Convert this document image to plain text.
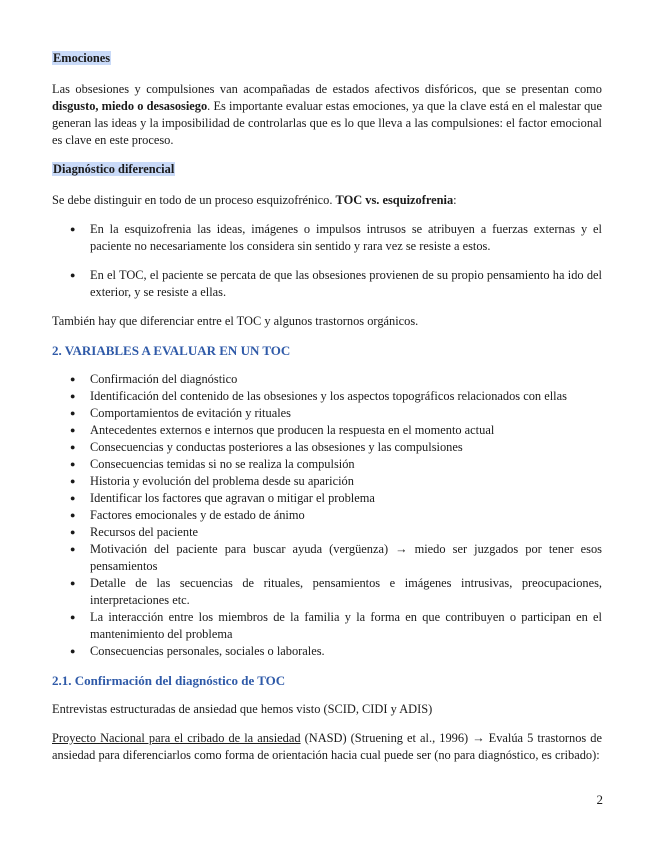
Emociones

Las obsesiones y compulsiones van acompañadas de estados afectivos disfóricos, que se presentan como disgusto, miedo o desasosiego. Es importante evaluar estas emociones, ya que la clave está en el malestar que generan las ideas y la imposibilidad de controlarlas que es lo que lleva a las compulsiones: el factor emocional es clave en este proceso.

Diagnóstico diferencial

Se debe distinguir en todo de un proceso esquizofrénico. TOC vs. esquizofrenia:

● En la esquizofrenia las ideas, imágenes o impulsos intrusos se atribuyen a fuerzas externas y el paciente no necesariamente los considera sin sentido y rara vez se resiste a estos.
● En el TOC, el paciente se percata de que las obsesiones provienen de su propio pensamiento ha ido del exterior, y se resiste a ellas.

También hay que diferenciar entre el TOC y algunos trastornos orgánicos.

2. VARIABLES A EVALUAR EN UN TOC
● Confirmación del diagnóstico
● Identificación del contenido de las obsesiones y los aspectos topográficos relacionados con ellas
● Comportamientos de evitación y rituales
● Antecedentes externos e internos que producen la respuesta en el momento actual
● Consecuencias y conductas posteriores a las obsesiones y las compulsiones
● Consecuencias temidas si no se realiza la compulsión
● Historia y evolución del problema desde su aparición
● Identificar los factores que agravan o mitigar el problema
● Factores emocionales y de estado de ánimo
● Recursos del paciente
● Motivación del paciente para buscar ayuda (vergüenza) → miedo ser juzgados por tener esos pensamientos
● Detalle de las secuencias de rituales, pensamientos e imágenes intrusivas, preocupaciones, interpretaciones etc.
● La interacción entre los miembros de la familia y la forma en que contribuyen o participan en el mantenimiento del problema
● Consecuencias personales, sociales o laborales.
2.1. Confirmación del diagnóstico de TOC

Entrevistas estructuradas de ansiedad que hemos visto (SCID, CIDI y ADIS)

Proyecto Nacional para el cribado de la ansiedad (NASD) (Struening et al., 1996) → Evalúa 5 trastornos de ansiedad para diferenciarlos como forma de orientación hacia cual puede ser (no para diagnóstico, es cribado):

2
